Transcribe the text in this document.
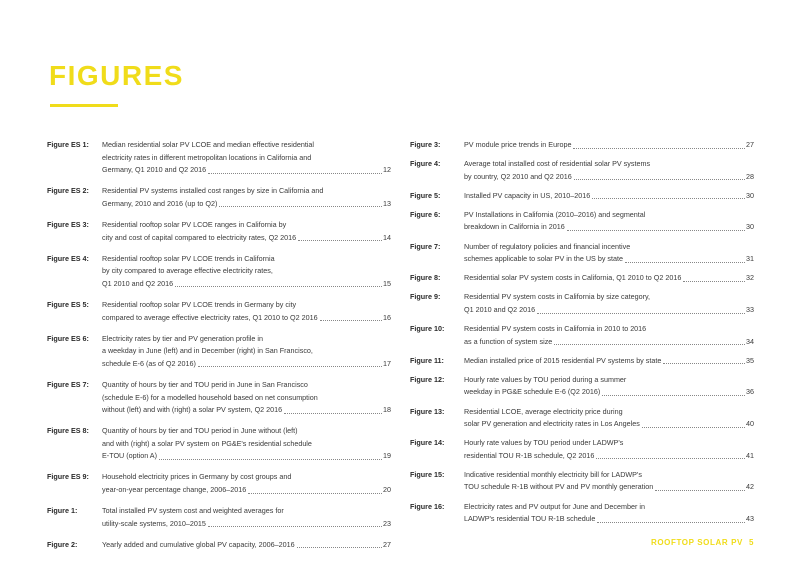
FIGURES
Figure ES 1:	Median residential solar PV LCOE and median effective residential
electricity rates in different metropolitan locations in California and
Germany, Q1 2010 and Q2 2016	12
Figure ES 2:	Residential PV systems installed cost ranges by size in California and
Germany, 2010 and 2016 (up to Q2)	13
Figure ES 3:	Residential rooftop solar PV LCOE ranges in California by
city and cost of capital compared to electricity rates, Q2 2016	14
Figure ES 4:	Residential rooftop solar PV LCOE trends in California
by city compared to average effective electricity rates,
Q1 2010 and Q2 2016	15
Figure ES 5:	Residential rooftop solar PV LCOE trends in Germany by city
compared to average effective electricity rates, Q1 2010 to Q2 2016	16
Figure ES 6:	Electricity rates by tier and PV generation profile in
a weekday in June (left) and in December (right) in San Francisco,
schedule E-6 (as of Q2 2016)	17
Figure ES 7:	Quantity of hours by tier and TOU perid in June in San Francisco
(schedule E-6) for a modelled household based on net consumption
without (left) and with (right) a solar PV system, Q2 2016	18
Figure ES 8:	Quantity of hours by tier and TOU period in June without (left)
and with (right) a solar PV system on PG&E's residential schedule
E-TOU (option A)	19
Figure ES 9:	Household electricity prices in Germany by cost groups and
year-on-year percentage change, 2006–2016	20
Figure 1:	Total installed PV system cost and weighted averages for
utility-scale systems, 2010–2015	23
Figure 2:	Yearly added and cumulative global PV capacity, 2006–2016	27
Figure 3:	PV module price trends in Europe	27
Figure 4:	Average total installed cost of residential solar PV systems
by country, Q2 2010 and Q2 2016	28
Figure 5:	Installed PV capacity in US, 2010–2016	30
Figure 6:	PV Installations in California (2010–2016) and segmental
breakdown in California in 2016	30
Figure 7:	Number of regulatory policies and financial incentive
schemes applicable to solar PV in the US by state	31
Figure 8:	Residential solar PV system costs in California, Q1 2010 to Q2 2016	32
Figure 9:	Residential PV system costs in California by size category,
Q1 2010 and Q2 2016	33
Figure 10:	Residential PV system costs in California in 2010 to 2016
as a function of system size	34
Figure 11:	Median installed price of 2015 residential PV systems by state	35
Figure 12:	Hourly rate values by TOU period during a summer
weekday in PG&E schedule E-6 (Q2 2016)	36
Figure 13:	Residential LCOE, average electricity price during
solar PV generation and electricity rates in Los Angeles	40
Figure 14:	Hourly rate values by TOU period under LADWP's
residential TOU R-1B schedule, Q2 2016	41
Figure 15:	Indicative residential monthly electricity bill for LADWP's
TOU schedule R-1B without PV and PV monthly generation	42
Figure 16:	Electricity rates and PV output for June and December in
LADWP's residential TOU R-1B schedule	43
ROOFTOP SOLAR PV 5
